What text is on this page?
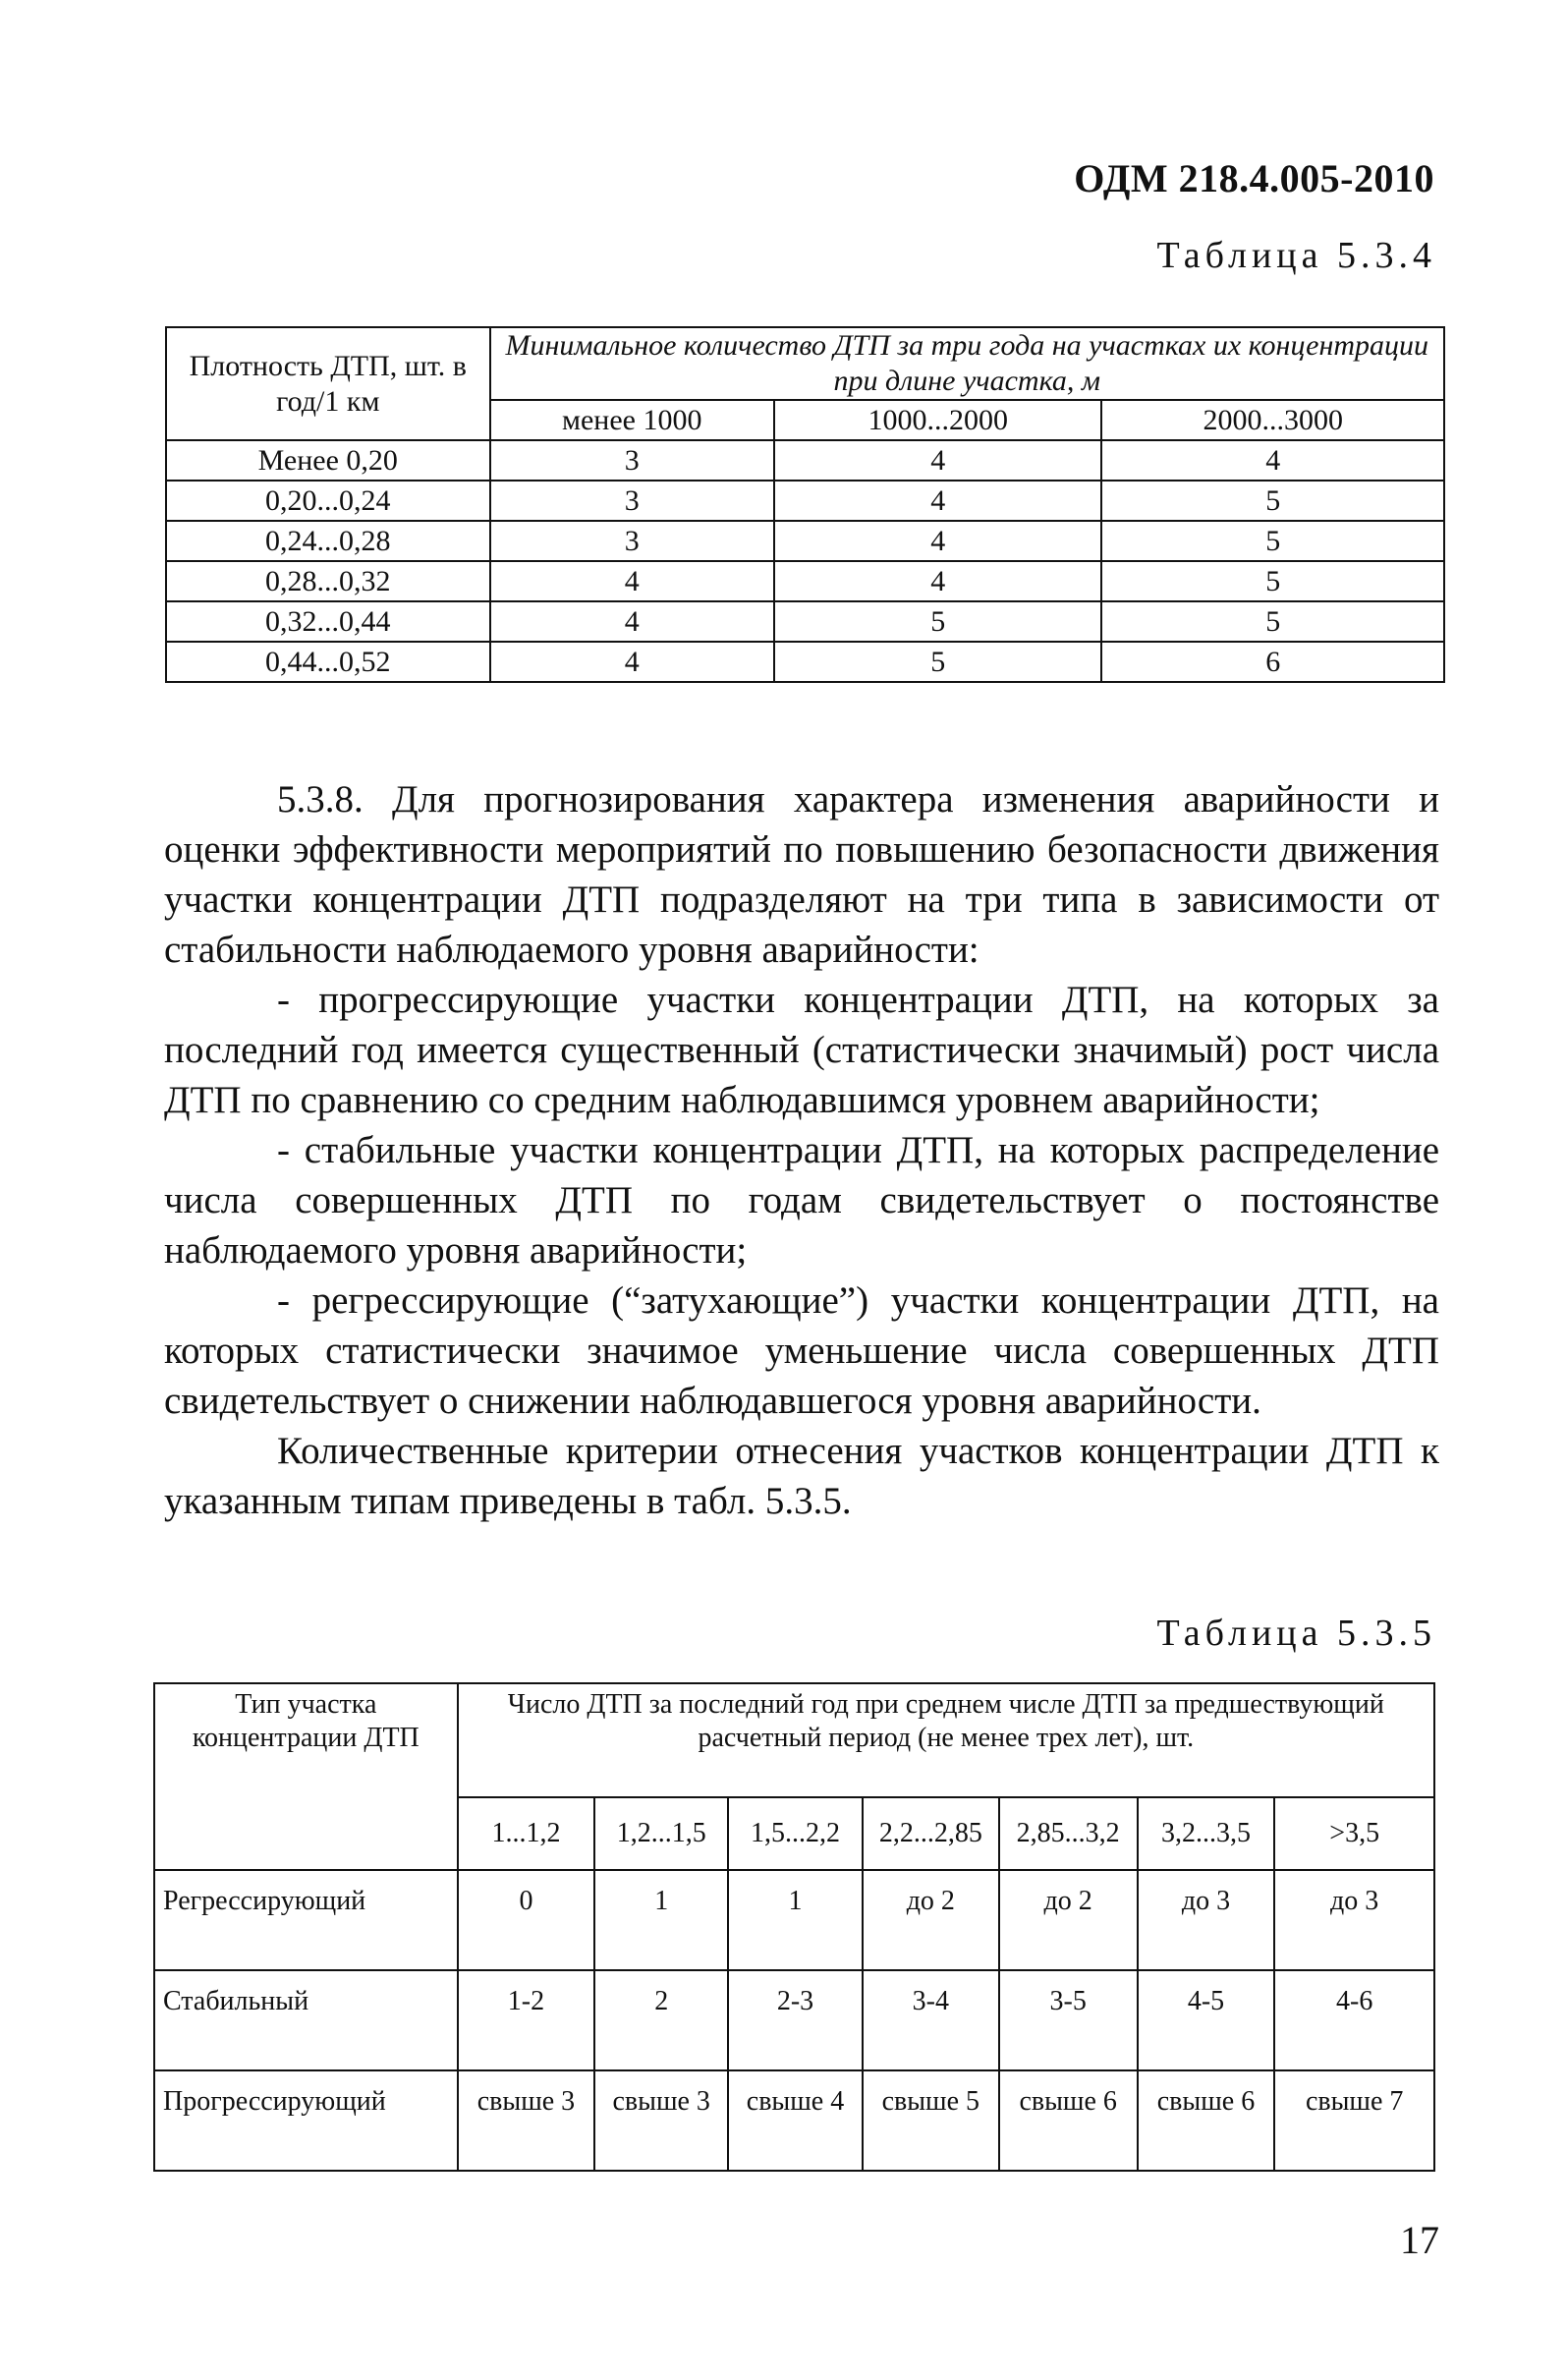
ОДМ 218.4.005-2010
Таблица 5.3.4
Плотность ДТП, шт. в год/1 км	Минимальное количество ДТП за три года на участках их концентрации при длине участка, м		
	менее 1000	1000...2000	2000...3000
Менее 0,20	3	4	4
0,20...0,24	3	4	5
0,24...0,28	3	4	5
0,28...0,32	4	4	5
0,32...0,44	4	5	5
0,44...0,52	4	5	6

5.3.8. Для прогнозирования характера изменения аварийности и оценки эффективности мероприятий по повышению безопасности движения участки концентрации ДТП подразделяют на три типа в зависимости от стабильности наблюдаемого уровня аварийности:

- прогрессирующие участки концентрации ДТП, на которых за последний год имеется существенный (статистически значимый) рост числа ДТП по сравнению со средним наблюдавшимся уровнем аварийности;

- стабильные участки концентрации ДТП, на которых распределение числа совершенных ДТП по годам свидетельствует о постоянстве наблюдаемого уровня аварийности;

- регрессирующие (“затухающие”) участки концентрации ДТП, на которых статистически значимое уменьшение числа совершенных ДТП свидетельствует о снижении наблюдавшегося уровня аварийности.

Количественные критерии отнесения участков концентрации ДТП к указанным типам приведены в табл. 5.3.5.

Таблица 5.3.5
Тип участка концентрации ДТП	Число ДТП за последний год при среднем числе ДТП за предшествующий расчетный период (не менее трех лет), шт.						
	1...1,2	1,2...1,5	1,5...2,2	2,2...2,85	2,85...3,2	3,2...3,5	>3,5
Регрессирующий	0	1	1	до 2	до 2	до 3	до 3
Стабильный	1-2	2	2-3	3-4	3-5	4-5	4-6
Прогрессирующий	свыше 3	свыше 3	свыше 4	свыше 5	свыше 6	свыше 6	свыше 7
17
